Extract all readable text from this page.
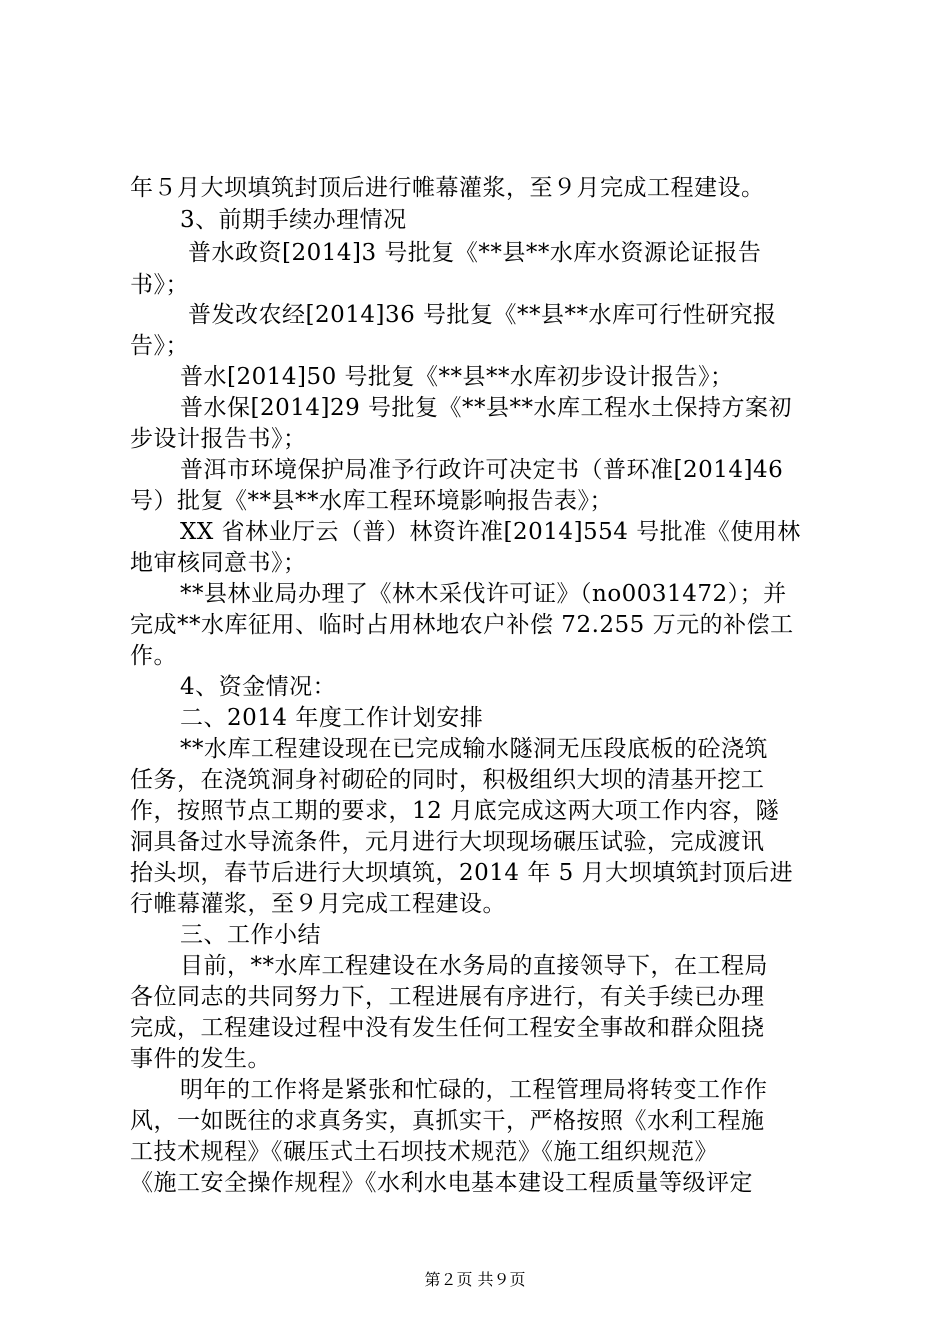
年５月大坝填筑封顶后进行帷幕灌浆，至９月完成工程建设。
3、前期手续办理情况
普水政资[2014]3 号批复《**县**水库水资源论证报告
书》；
普发改农经[2014]36 号批复《**县**水库可行性研究报
告》；
普水[2014]50 号批复《**县**水库初步设计报告》；
普水保[2014]29 号批复《**县**水库工程水土保持方案初
步设计报告书》；
普洱市环境保护局准予行政许可决定书（普环准[2014]46
号）批复《**县**水库工程环境影响报告表》；
XX 省林业厅云（普）林资许准[2014]554 号批准《使用林
地审核同意书》；
**县林业局办理了《林木采伐许可证》（no0031472）；并
完成**水库征用、临时占用林地农户补偿 72.255 万元的补偿工
作。
4、资金情况：
二、2014 年度工作计划安排
**水库工程建设现在已完成输水隧洞无压段底板的砼浇筑
任务，在浇筑洞身衬砌砼的同时，积极组织大坝的清基开挖工
作，按照节点工期的要求，12 月底完成这两大项工作内容，隧
洞具备过水导流条件，元月进行大坝现场碾压试验，完成渡讯
抬头坝，春节后进行大坝填筑，2014 年 5 月大坝填筑封顶后进
行帷幕灌浆，至９月完成工程建设。
三、工作小结
目前，**水库工程建设在水务局的直接领导下，在工程局
各位同志的共同努力下，工程进展有序进行，有关手续已办理
完成，工程建设过程中没有发生任何工程安全事故和群众阻挠
事件的发生。
明年的工作将是紧张和忙碌的，工程管理局将转变工作作
风，一如既往的求真务实，真抓实干，严格按照《水利工程施
工技术规程》《碾压式土石坝技术规范》《施工组织规范》
《施工安全操作规程》《水利水电基本建设工程质量等级评定
第２页 共９页
